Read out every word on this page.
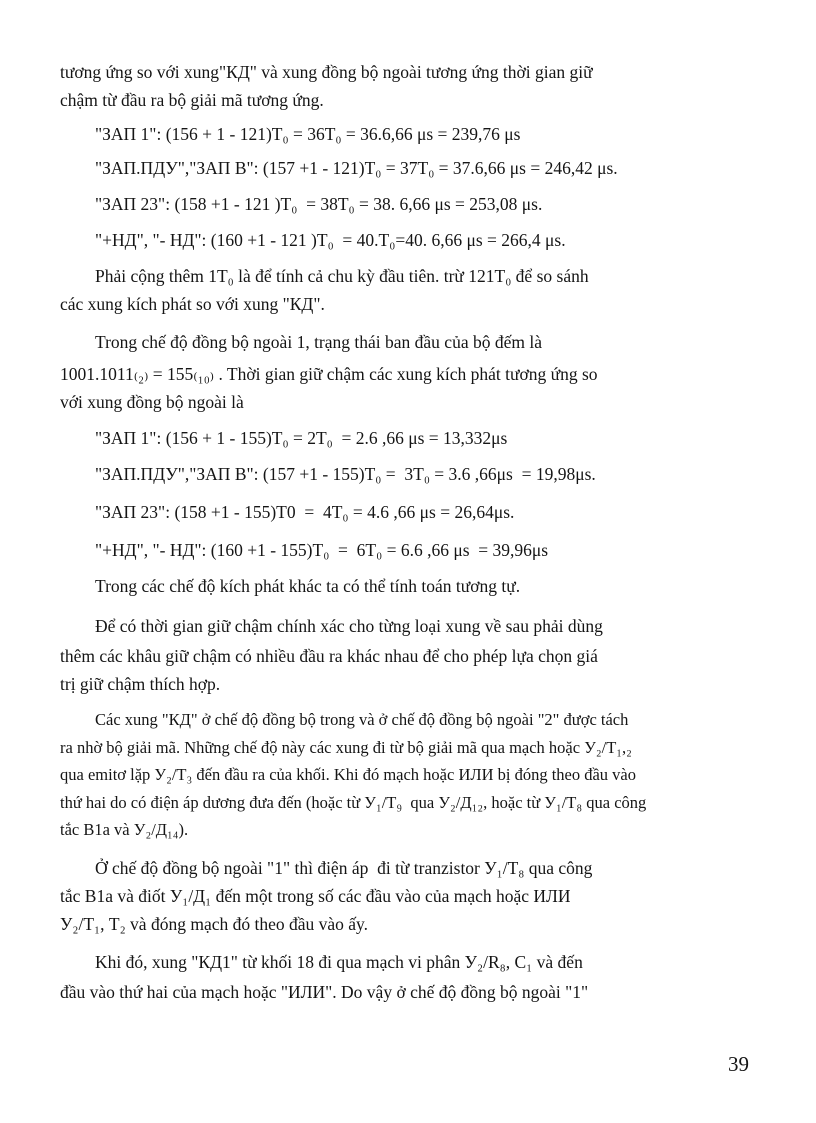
tương ứng so với xung"КД" và xung đồng bộ ngoài tương ứng thời gian giữ
chậm từ đầu ra bộ giải mã tương ứng.
"ЗАП 1": (156 + 1 - 121)T₀ = 36T₀ = 36.6,66 μs = 239,76 μs
"ЗАП.ПДУ","ЗАП В": (157 +1 - 121)T₀ = 37T₀ = 37.6,66 μs = 246,42 μs.
"ЗАП 23": (158 +1 - 121 )T₀  = 38T₀ = 38. 6,66 μs = 253,08 μs.
"+НД", "- НД": (160 +1 - 121 )T₀  = 40.T₀=40. 6,66 μs = 266,4 μs.
Phải cộng thêm 1T₀ là để tính cả chu kỳ đầu tiên. trừ 121T₀ để so sánh
các xung kích phát so với xung "КД".
Trong chế độ đồng bộ ngoài 1, trạng thái ban đầu của bộ đếm là
1001.1011₍₂₎ = 155₍₁₀₎ . Thời gian giữ chậm các xung kích phát tương ứng so
với xung đồng bộ ngoài là
"ЗАП 1": (156 + 1 - 155)T₀ = 2T₀  = 2.6 ,66 μs = 13,332μs
"ЗАП.ПДУ","ЗАП В": (157 +1 - 155)T₀ =  3T₀ = 3.6 ,66μs  = 19,98μs.
"ЗАП 23": (158 +1 - 155)T0  =  4T₀ = 4.6 ,66 μs = 26,64μs.
"+НД", "- НД": (160 +1 - 155)T₀  =  6T₀ = 6.6 ,66 μs  = 39,96μs
Trong các chế độ kích phát khác ta có thể tính toán tương tự.
Để có thời gian giữ chậm chính xác cho từng loại xung về sau phải dùng
thêm các khâu giữ chậm có nhiều đầu ra khác nhau để cho phép lựa chọn giá
trị giữ chậm thích hợp.
Các xung "КД" ở chế độ đồng bộ trong và ở chế độ đồng bộ ngoài "2" được tách
ra nhờ bộ giải mã. Những chế độ này các xung đi từ bộ giải mã qua mạch hoặc У₂/Т₁,₂
qua emitơ lặp У₂/Т₃ đến đầu ra của khối. Khi đó mạch hoặc ИЛИ bị đóng theo đầu vào
thứ hai do có điện áp dương đưa đến (hoặc từ У₁/Т₉  qua У₂/Д₁₂, hoặc từ У₁/Т₈ qua công
tắc В1а và У₂/Д₁₄).
Ở chế độ đồng bộ ngoài "1" thì điện áp  đi từ tranzistor У₁/Т₈ qua công
tắc В1а và điốt У₁/Д₁ đến một trong số các đầu vào của mạch hoặc ИЛИ
У₂/Т₁, Т₂ và đóng mạch đó theo đầu vào ấy.
Khi đó, xung "КД1" từ khối 18 đi qua mạch vi phân У₂/R₈, C₁ và đến
đầu vào thứ hai của mạch hoặc "ИЛИ". Do vậy ở chế độ đồng bộ ngoài "1"
39
